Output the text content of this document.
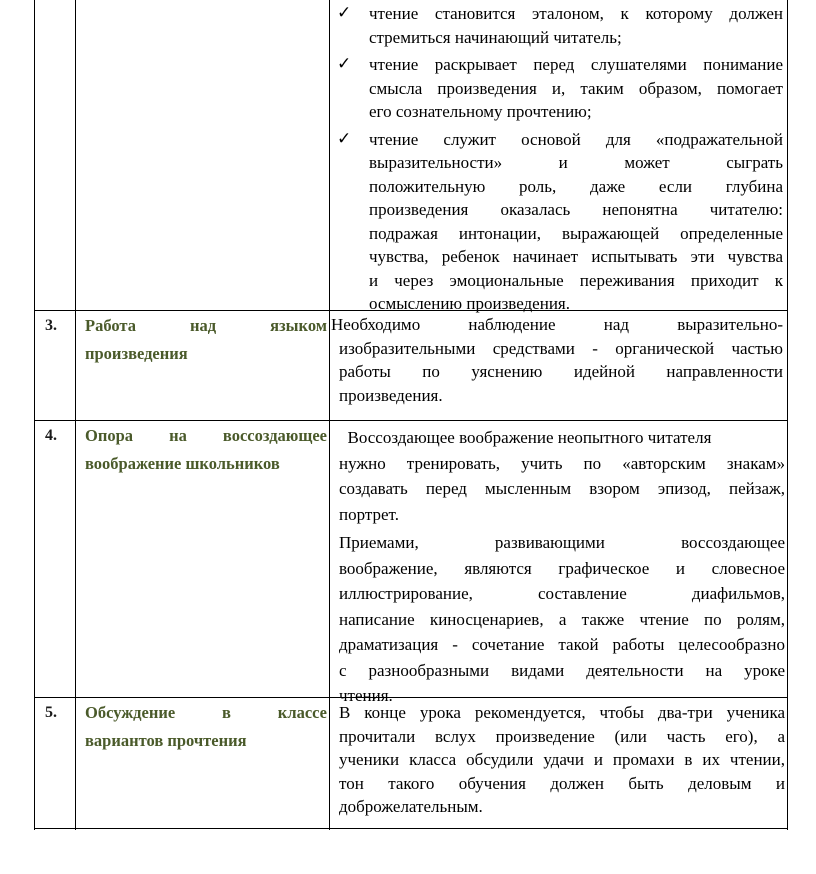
✓ чтение становится эталоном, к которому должен
стремиться начинающий читатель;
✓ чтение раскрывает перед слушателями понимание
смысла произведения и, таким образом, помогает
его сознательному прочтению;
✓ чтение служит основой для «подражательной
выразительности» и может сыграть
положительную роль, даже если глубина
произведения оказалась непонятна читателю:
подражая интонации, выражающей определенные
чувства, ребенок начинает испытывать эти чувства
и через эмоциональные переживания приходит к
осмыслению произведения.
3. Работа над языком
произведения
Необходимо наблюдение над выразительно-
изобразительными средствами - органической частью
работы по уяснению идейной направленности
произведения.
4. Опора на воссоздающее
воображение школьников

Воссоздающее воображение неопытного читателя
нужно тренировать, учить по «авторским знакам»
создавать перед мысленным взором эпизод, пейзаж,
портрет.

Приемами, развивающими воссоздающее
воображение, являются графическое и словесное
иллюстрирование, составление диафильмов,
написание киносценариев, а также чтение по ролям,
драматизация - сочетание такой работы целесообразно
с разнообразными видами деятельности на уроке
чтения.

5. Обсуждение в классе
вариантов прочтения
В конце урока рекомендуется, чтобы два-три ученика
прочитали вслух произведение (или часть его), а
ученики класса обсудили удачи и промахи в их чтении,
тон такого обучения должен быть деловым и
доброжелательным.
